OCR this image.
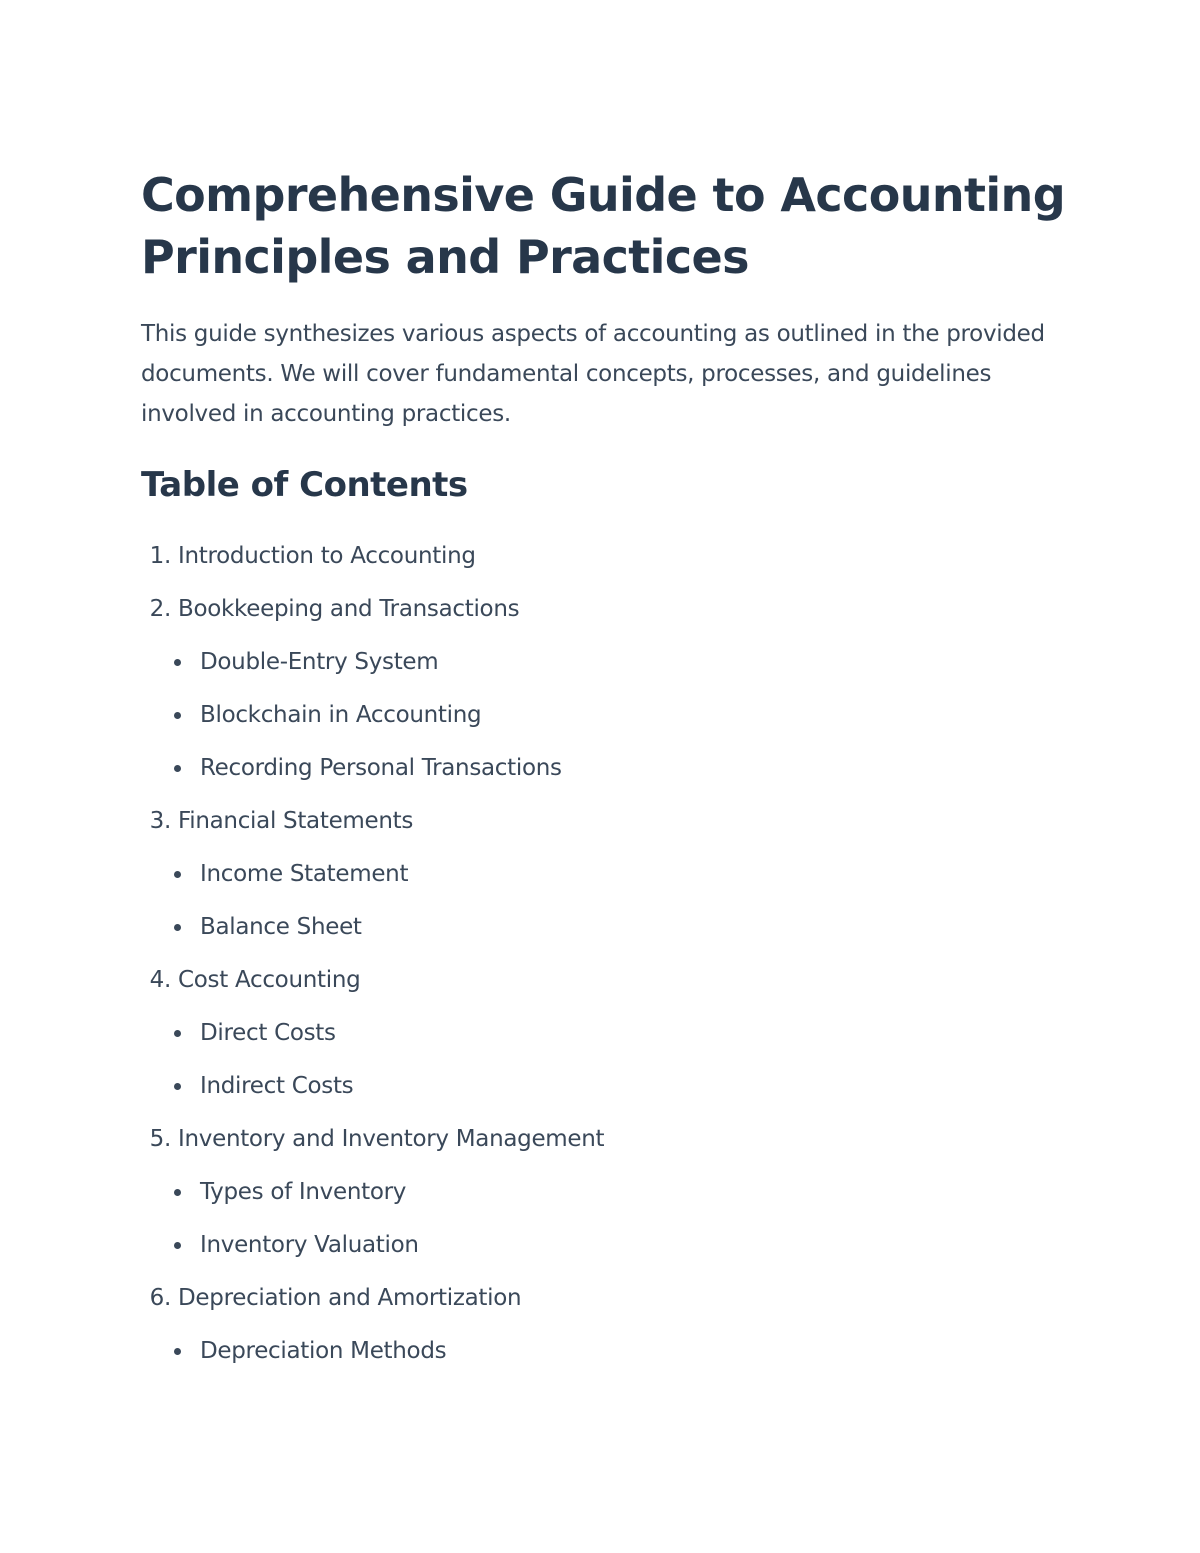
Comprehensive Guide to Accounting Principles and Practices

This guide synthesizes various aspects of accounting as outlined in the provided documents. We will cover fundamental concepts, processes, and guidelines involved in accounting practices.

Table of Contents
1.
Introduction to Accounting
2.
Bookkeeping and Transactions
Double-Entry System
Blockchain in Accounting
Recording Personal Transactions
3.
Financial Statements
Income Statement
Balance Sheet
4.
Cost Accounting
Direct Costs
Indirect Costs
5.
Inventory and Inventory Management
Types of Inventory
Inventory Valuation
6.
Depreciation and Amortization
Depreciation Methods
